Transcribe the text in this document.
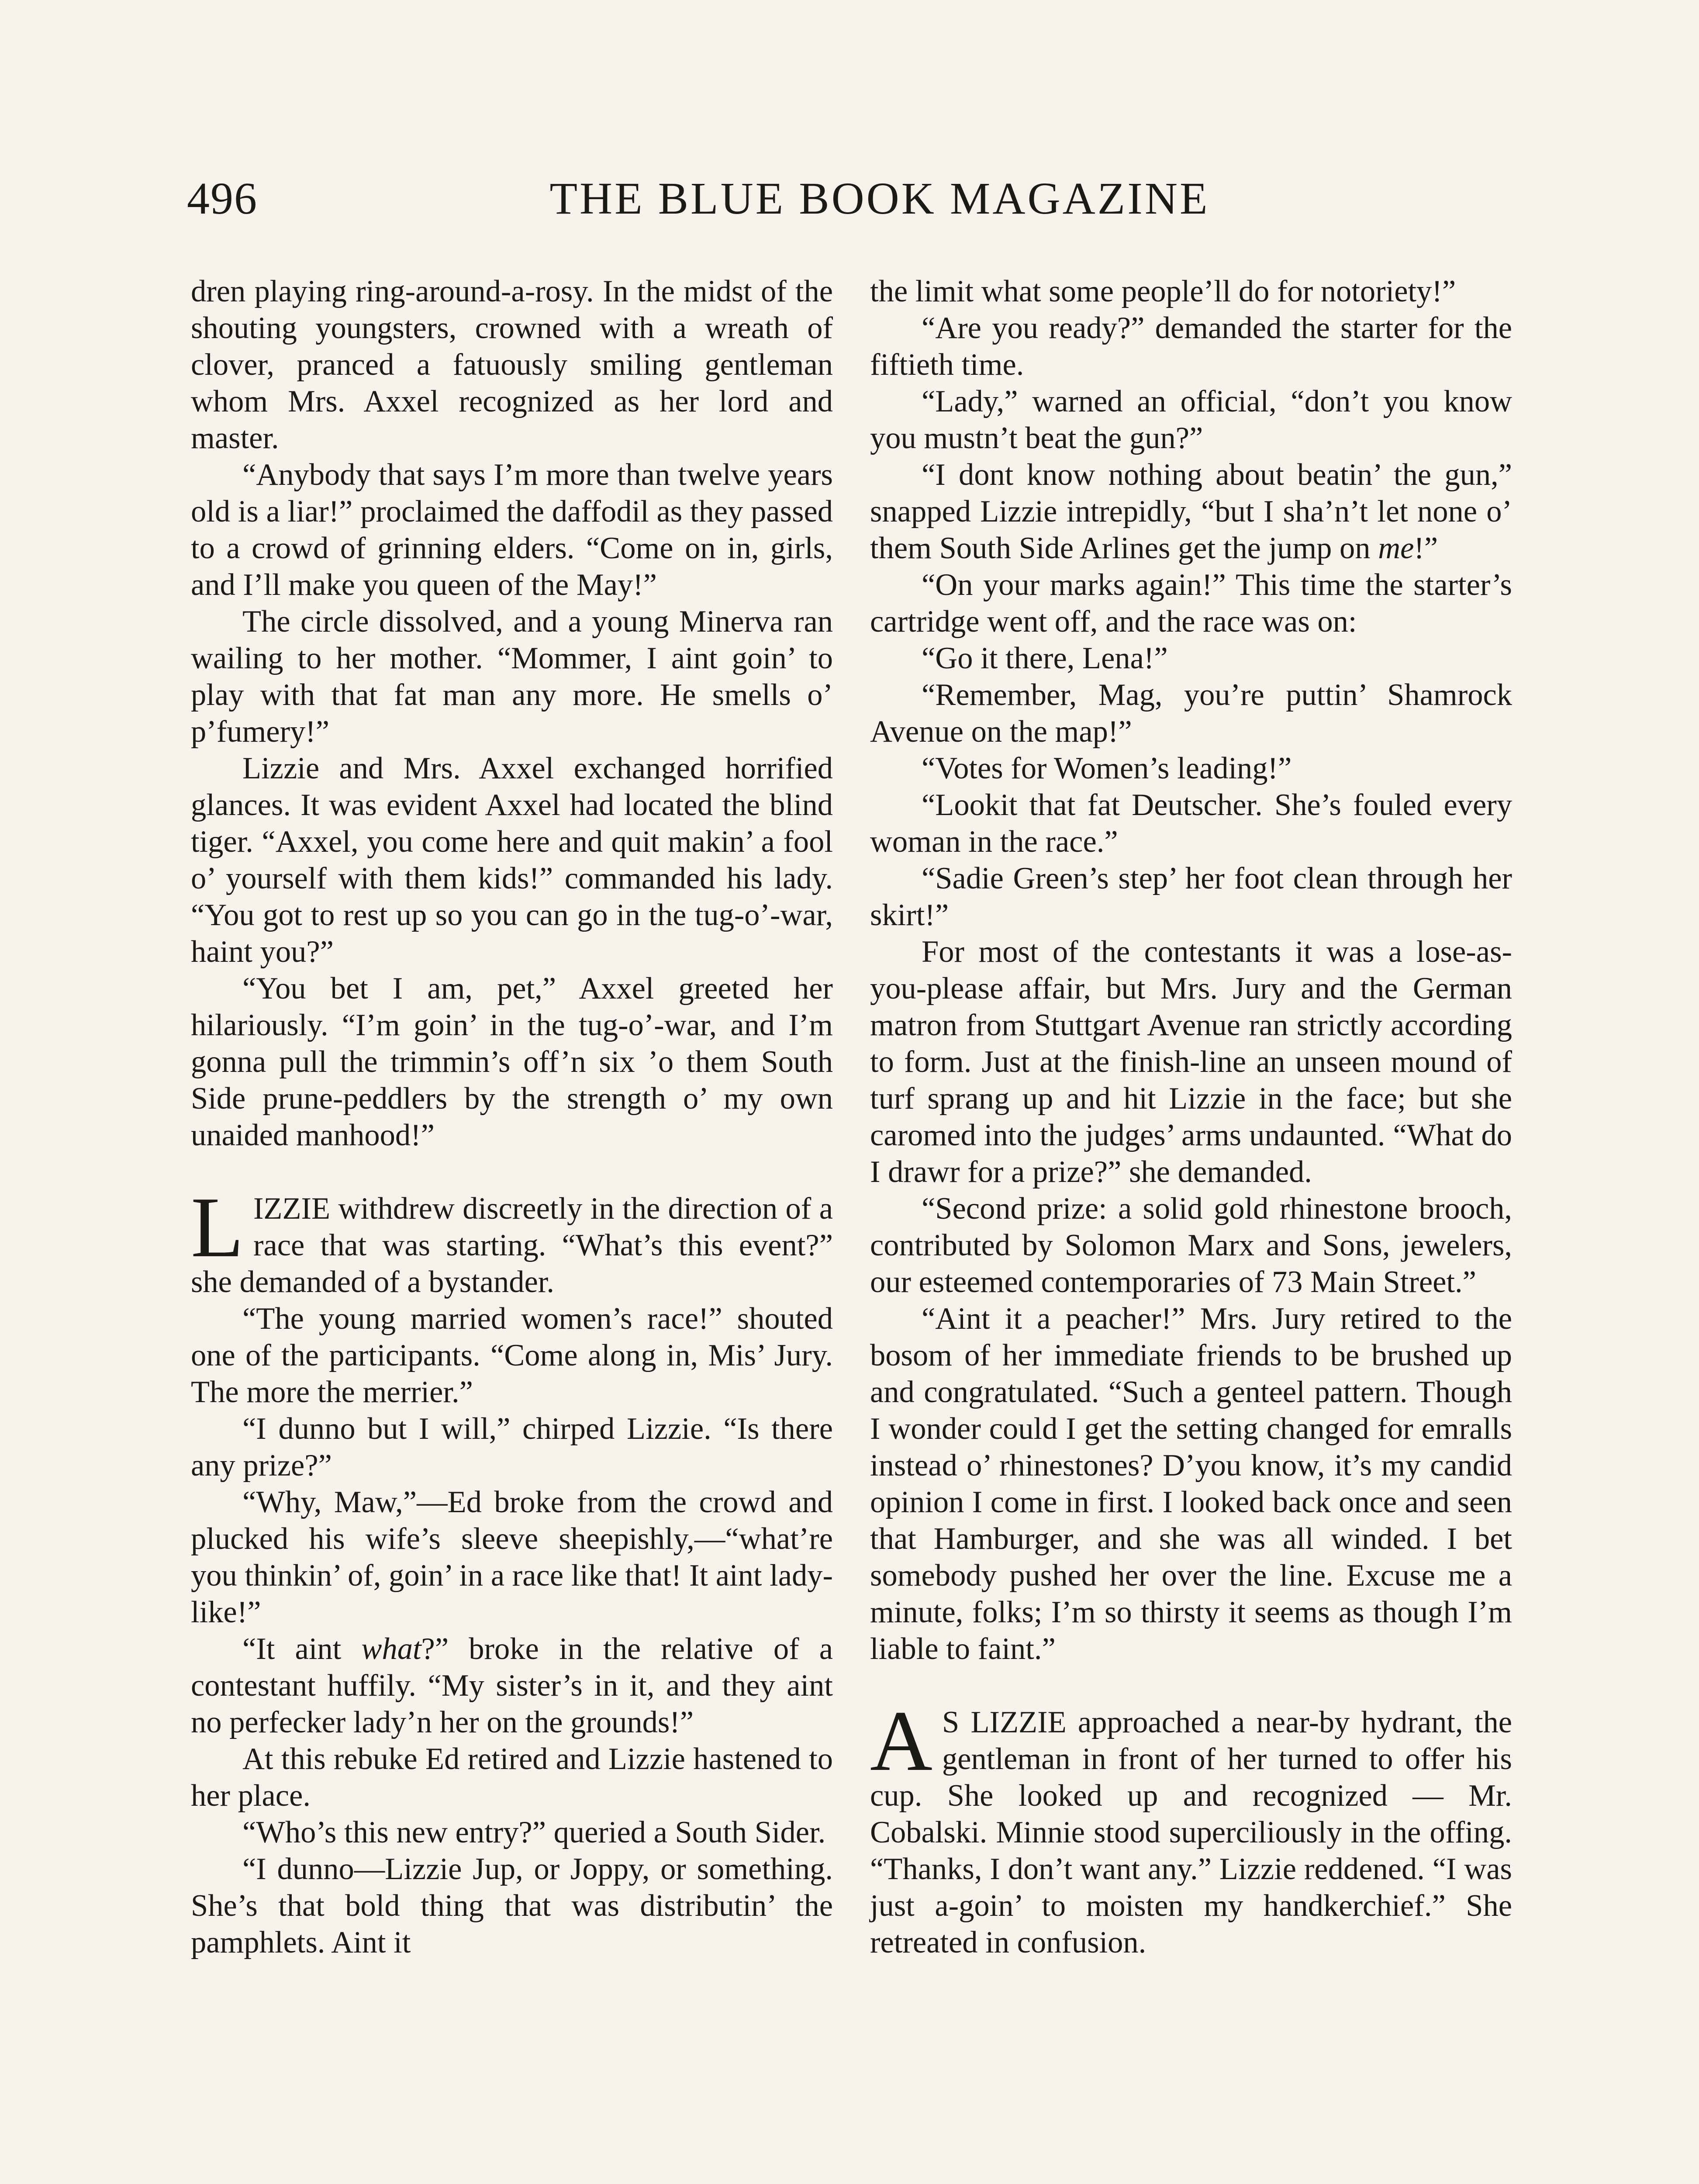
496	THE BLUE BOOK MAGAZINE

dren playing ring-around-a-rosy. In the midst of the shouting youngsters, crowned with a wreath of clover, pranced a fatuously smiling gentleman whom Mrs. Axxel recognized as her lord and master.

“Anybody that says I’m more than twelve years old is a liar!” proclaimed the daffodil as they passed to a crowd of grinning elders. “Come on in, girls, and I’ll make you queen of the May!”

The circle dissolved, and a young Minerva ran wailing to her mother. “Mommer, I aint goin’ to play with that fat man any more. He smells o’ p’fumery!”

Lizzie and Mrs. Axxel exchanged horrified glances. It was evident Axxel had located the blind tiger. “Axxel, you come here and quit makin’ a fool o’ yourself with them kids!” commanded his lady. “You got to rest up so you can go in the tug-o’-war, haint you?”

“You bet I am, pet,” Axxel greeted her hilariously. “I’m goin’ in the tug-o’-war, and I’m gonna pull the trimmin’s off’n six ’o them South Side prune-peddlers by the strength o’ my own unaided manhood!”

LIZZIE withdrew discreetly in the direction of a race that was starting. “What’s this event?” she demanded of a bystander.

“The young married women’s race!” shouted one of the participants. “Come along in, Mis’ Jury. The more the merrier.”

“I dunno but I will,” chirped Lizzie. “Is there any prize?”

“Why, Maw,”—Ed broke from the crowd and plucked his wife’s sleeve sheepishly,—“what’re you thinkin’ of, goin’ in a race like that! It aint lady-like!”

“It aint what?” broke in the relative of a contestant huffily. “My sister’s in it, and they aint no perfecker lady’n her on the grounds!”

At this rebuke Ed retired and Lizzie hastened to her place.

“Who’s this new entry?” queried a South Sider.

“I dunno—Lizzie Jup, or Joppy, or something. She’s that bold thing that was distributin’ the pamphlets. Aint it

the limit what some people’ll do for notoriety!”

“Are you ready?” demanded the starter for the fiftieth time.

“Lady,” warned an official, “don’t you know you mustn’t beat the gun?”

“I dont know nothing about beatin’ the gun,” snapped Lizzie intrepidly, “but I sha’n’t let none o’ them South Side Arlines get the jump on me!”

“On your marks again!” This time the starter’s cartridge went off, and the race was on:

“Go it there, Lena!”

“Remember, Mag, you’re puttin’ Shamrock Avenue on the map!”

“Votes for Women’s leading!”

“Lookit that fat Deutscher. She’s fouled every woman in the race.”

“Sadie Green’s step’ her foot clean through her skirt!”

For most of the contestants it was a lose-as-you-please affair, but Mrs. Jury and the German matron from Stuttgart Avenue ran strictly according to form. Just at the finish-line an unseen mound of turf sprang up and hit Lizzie in the face; but she caromed into the judges’ arms undaunted. “What do I drawr for a prize?” she demanded.

“Second prize: a solid gold rhinestone brooch, contributed by Solomon Marx and Sons, jewelers, our esteemed contemporaries of 73 Main Street.”

“Aint it a peacher!” Mrs. Jury retired to the bosom of her immediate friends to be brushed up and congratulated. “Such a genteel pattern. Though I wonder could I get the setting changed for emralls instead o’ rhinestones? D’you know, it’s my candid opinion I come in first. I looked back once and seen that Hamburger, and she was all winded. I bet somebody pushed her over the line. Excuse me a minute, folks; I’m so thirsty it seems as though I’m liable to faint.”

A S LIZZIE approached a near-by hydrant, the gentleman in front of her turned to offer his cup. She looked up and recognized — Mr. Cobalski. Minnie stood superciliously in the offing. “Thanks, I don’t want any.” Lizzie reddened. “I was just a-goin’ to moisten my handkerchief.” She retreated in confusion.
